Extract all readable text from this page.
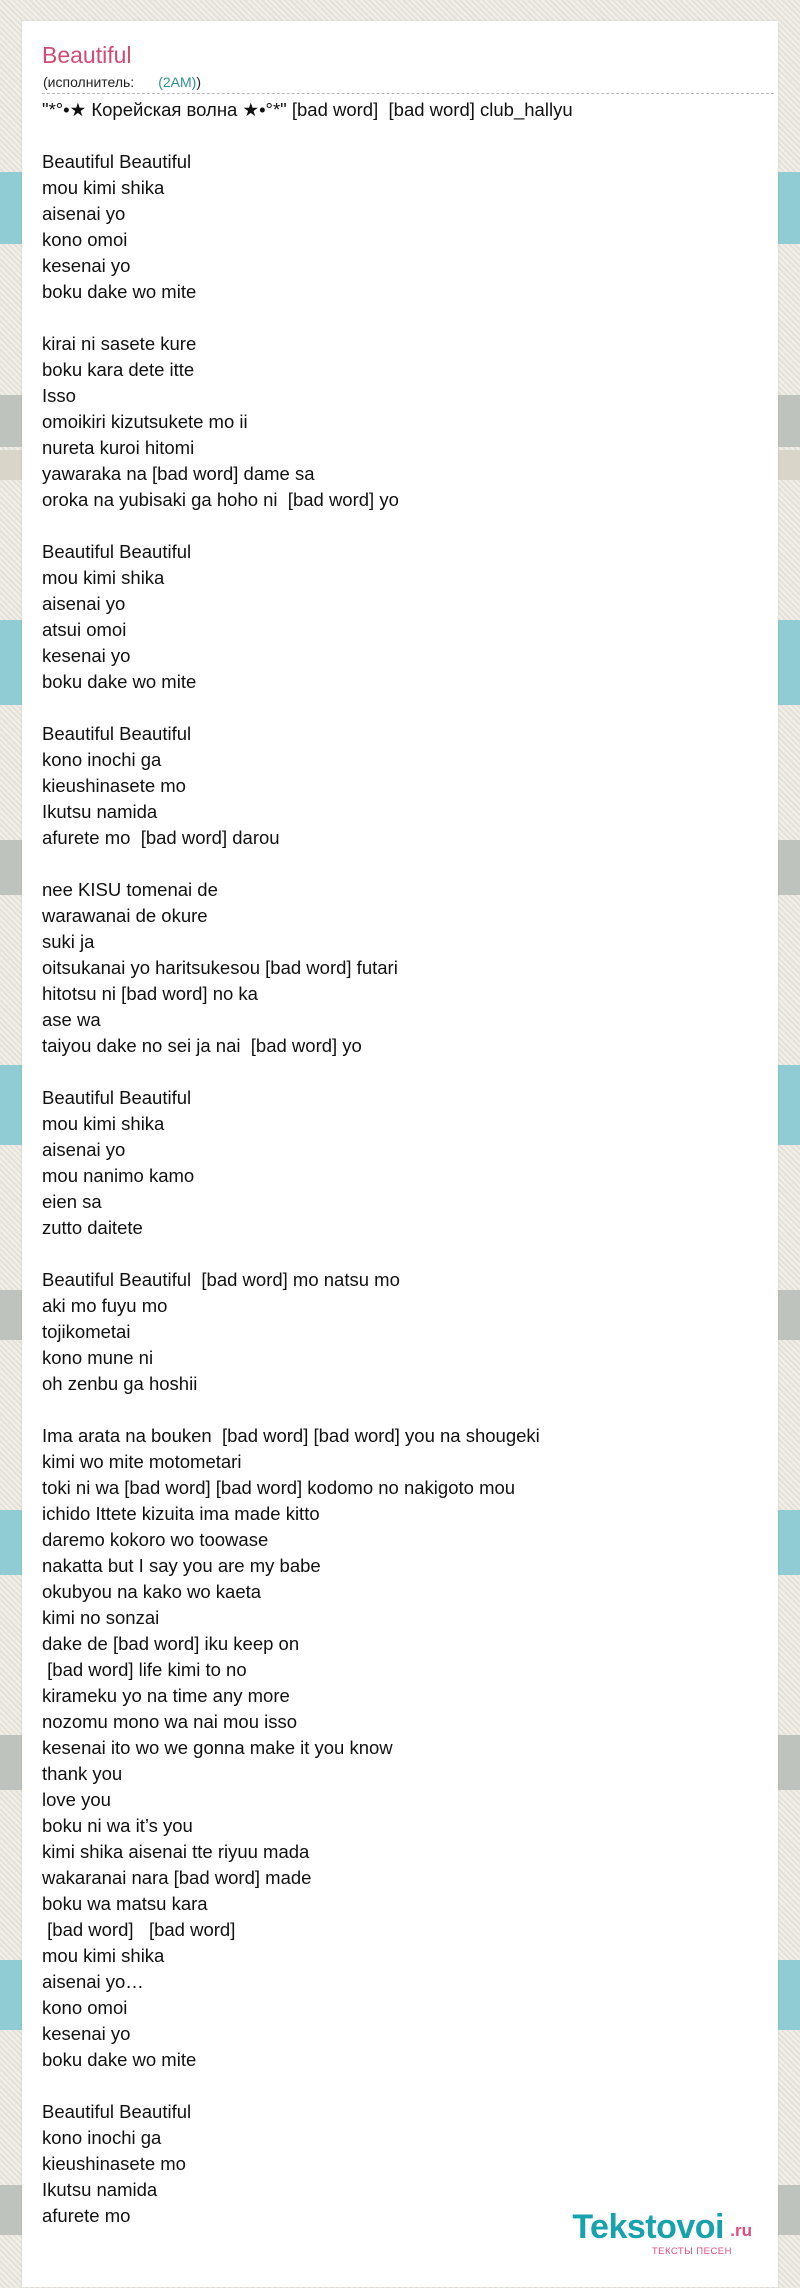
Beautiful
(исполнитель: (2AM))
"*°•★ Корейская волна ★•°*" [bad word]  [bad word] club_hallyu

Beautiful Beautiful
mou kimi shika
aisenai yo
kono omoi
kesenai yo
boku dake wo mite

kirai ni sasete kure
boku kara dete itte
Isso
omoikiri kizutsukete mo ii
nureta kuroi hitomi
yawaraka na [bad word] dame sa
oroka na yubisaki ga hoho ni  [bad word] yo

Beautiful Beautiful
mou kimi shika
aisenai yo
atsui omoi
kesenai yo
boku dake wo mite

Beautiful Beautiful
kono inochi ga
kieushinasete mo
Ikutsu namida
afurete mo  [bad word] darou

nee KISU tomenai de
warawanai de okure
suki ja
oitsukanai yo haritsukesou [bad word] futari
hitotsu ni [bad word] no ka
ase wa
taiyou dake no sei ja nai  [bad word] yo

Beautiful Beautiful
mou kimi shika
aisenai yo
mou nanimo kamo
eien sa
zutto daitete

Beautiful Beautiful  [bad word] mo natsu mo
aki mo fuyu mo
tojikometai
kono mune ni
oh zenbu ga hoshii

Ima arata na bouken  [bad word] [bad word] you na shougeki
kimi wo mite motometari
toki ni wa [bad word] [bad word] kodomo no nakigoto mou
ichido Ittete kizuita ima made kitto
daremo kokoro wo toowase
nakatta but I say you are my babe
okubyou na kako wo kaeta
kimi no sonzai
dake de [bad word] iku keep on
[bad word] life kimi to no
kirameku yo na time any more
nozomu mono wa nai mou isso
kesenai ito wo we gonna make it you know
thank you
love you
boku ni wa it’s you
kimi shika aisenai tte riyuu mada
wakaranai nara [bad word] made
boku wa matsu kara
[bad word]   [bad word]
mou kimi shika
aisenai yo…
kono omoi
kesenai yo
boku dake wo mite

Beautiful Beautiful
kono inochi ga
kieushinasete mo
Ikutsu namida
afurete mo	Tekstovoi .ru
ТЕКСТЫ ПЕСЕН
